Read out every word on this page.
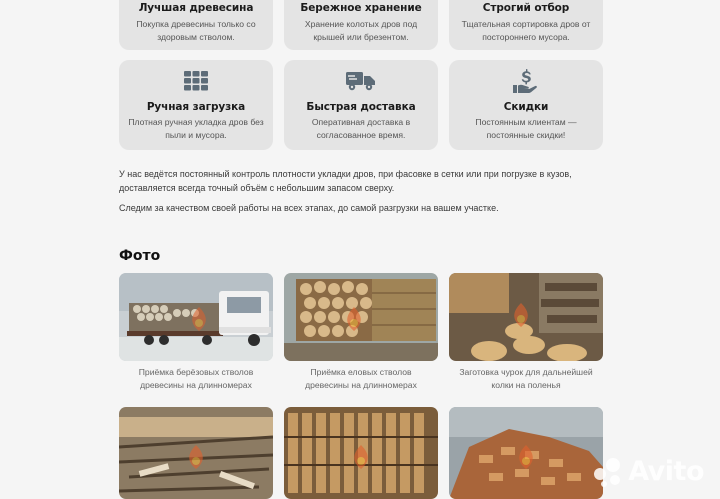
Лучшая древесина
Покупка древесины только со
здоровым стволом.
Бережное хранение
Хранение колотых дров под
крышей или брезентом.
Строгий отбор
Тщательная сортировка дров от
постороннего мусора.
Ручная загрузка
Плотная ручная укладка дров без
пыли и мусора.
Быстрая доставка
Оперативная доставка в
согласованное время.
Скидки
Постоянным клиентам —
постоянные скидки!
У нас ведётся постоянный контроль плотности укладки дров, при фасовке в сетки или при погрузке в кузов,
доставляется всегда точный объём с небольшим запасом сверху.
Следим за качеством своей работы на всех этапах, до самой разгрузки на вашем участке.
Фото
Приёмка берёзовых стволов
древесины на длинномерах
Приёмка еловых стволов
древесины на длинномерах
Заготовка чурок для дальнейшей
колки на поленья
Avito
